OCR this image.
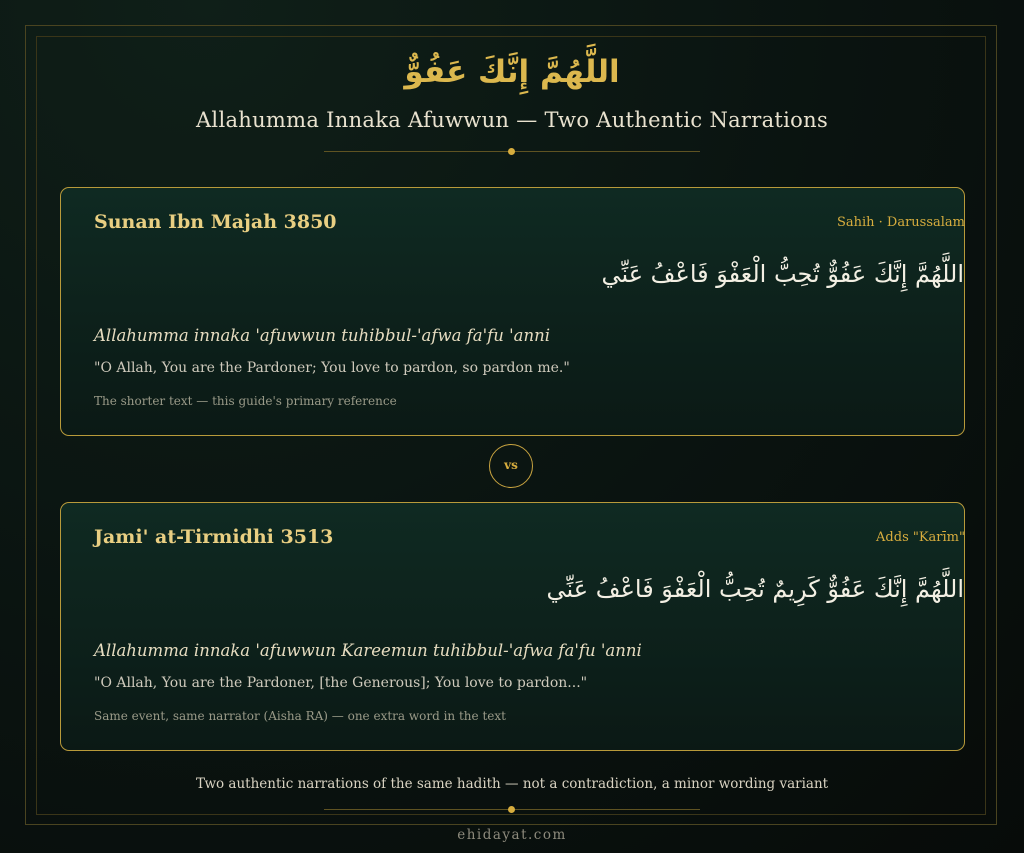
اللَّهُمَّ إِنَّكَ عَفُوٌّ
Allahumma Innaka Afuwwun — Two Authentic Narrations
Sunan Ibn Majah 3850	Sahih · Darussalam
اللَّهُمَّ إِنَّكَ عَفُوٌّ تُحِبُّ الْعَفْوَ فَاعْفُ عَنِّي
Allahumma innaka 'afuwwun tuhibbul-'afwa fa'fu 'anni
"O Allah, You are the Pardoner; You love to pardon, so pardon me."
The shorter text — this guide's primary reference
vs
Jami' at-Tirmidhi 3513	Adds "Karīm"
اللَّهُمَّ إِنَّكَ عَفُوٌّ كَرِيمٌ تُحِبُّ الْعَفْوَ فَاعْفُ عَنِّي
Allahumma innaka 'afuwwun Kareemun tuhibbul-'afwa fa'fu 'anni
"O Allah, You are the Pardoner, [the Generous]; You love to pardon..."
Same event, same narrator (Aisha RA) — one extra word in the text
Two authentic narrations of the same hadith — not a contradiction, a minor wording variant
ehidayat.com
